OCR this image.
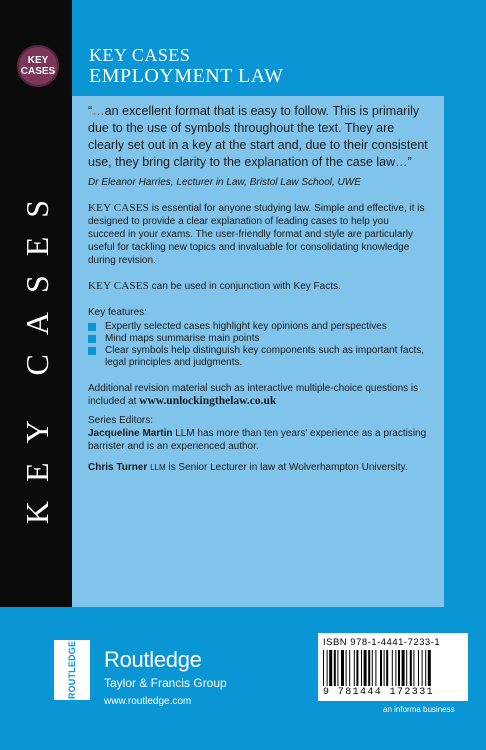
KEY
CASES
KEY CASES
KEY CASES
EMPLOYMENT LAW

“…an excellent format that is easy to follow. This is primarily due to the use of symbols throughout the text. They are clearly set out in a key at the start and, due to their consistent use, they bring clarity to the explanation of the case law…”

Dr Eleanor Harries, Lecturer in Law, Bristol Law School, UWE

KEY CASES is essential for anyone studying law. Simple and effective, it is designed to provide a clear explanation of leading cases to help you succeed in your exams. The user-friendly format and style are particularly useful for tackling new topics and invaluable for consolidating knowledge during revision.

KEY CASES can be used in conjunction with Key Facts.

Key features:

Expertly selected cases highlight key opinions and perspectives
Mind maps summarise main points
Clear symbols help distinguish key components such as important facts, legal principles and judgments.

Additional revision material such as interactive multiple-choice questions is included at www.unlockingthelaw.co.uk

Series Editors:

Jacqueline Martin LLM has more than ten years' experience as a practising barrister and is an experienced author.

Chris Turner LLM is Senior Lecturer in law at Wolverhampton University.

ROUTLEDGE Routledge
Taylor & Francis Group
www.routledge.com
ISBN 978-1-4441-7233-1
9 781444 172331
an informa business
